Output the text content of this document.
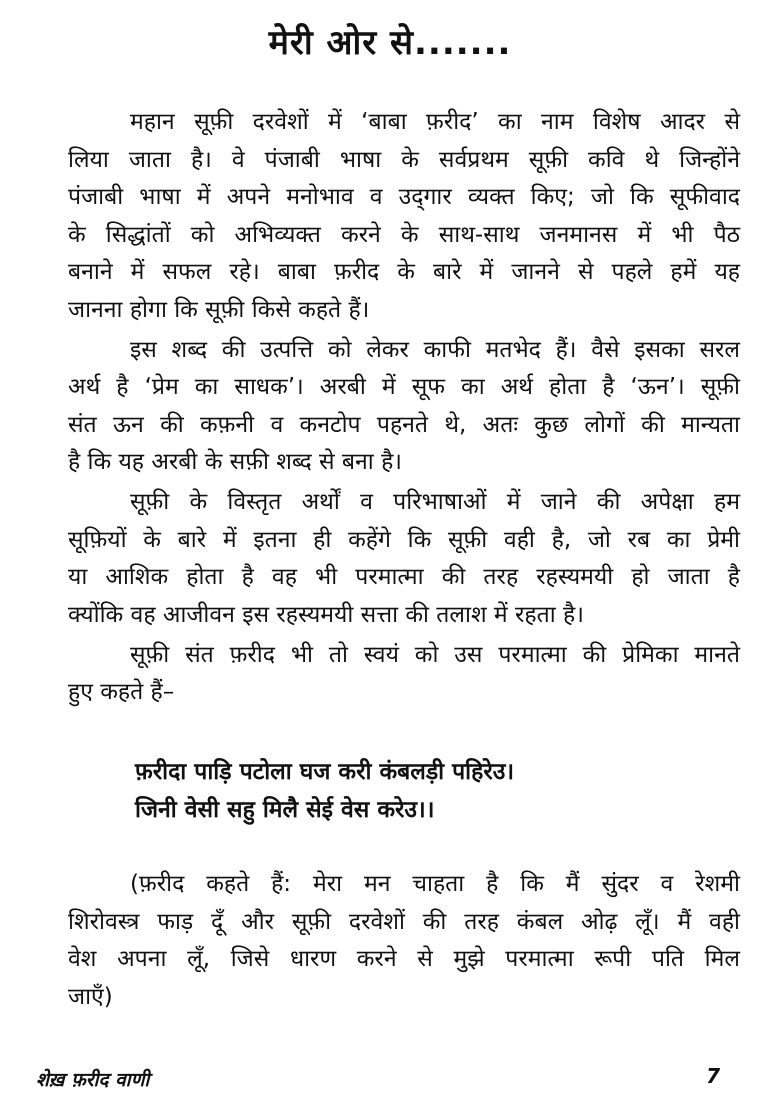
मेरी ओर से.......
महान सूफ़ी दरवेशों में ‘बाबा फ़रीद’ का नाम विशेष आदर से
लिया जाता है। वे पंजाबी भाषा के सर्वप्रथम सूफ़ी कवि थे जिन्होंने
पंजाबी भाषा में अपने मनोभाव व उद्‌गार व्यक्त किए; जो कि सूफीवाद
के सिद्धांतों को अभिव्यक्त करने के साथ-साथ जनमानस में भी पैठ
बनाने में सफल रहे। बाबा फ़रीद के बारे में जानने से पहले हमें यह
जानना होगा कि सूफ़ी किसे कहते हैं।
इस शब्द की उत्पत्ति को लेकर काफी मतभेद हैं। वैसे इसका सरल
अर्थ है ‘प्रेम का साधक’। अरबी में सूफ का अर्थ होता है ‘ऊन’। सूफ़ी
संत ऊन की कफ़नी व कनटोप पहनते थे, अतः कुछ लोगों की मान्यता
है कि यह अरबी के सफ़ी शब्द से बना है।
सूफ़ी के विस्तृत अर्थों व परिभाषाओं में जाने की अपेक्षा हम
सूफ़ियों के बारे में इतना ही कहेंगे कि सूफ़ी वही है, जो रब का प्रेमी
या आशिक होता है वह भी परमात्मा की तरह रहस्यमयी हो जाता है
क्योंकि वह आजीवन इस रहस्यमयी सत्ता की तलाश में रहता है।
सूफ़ी संत फ़रीद भी तो स्वयं को उस परमात्मा की प्रेमिका मानते
हुए कहते हैं–
फ़रीदा पाड़ि पटोला घज करी कंबलड़ी पहिरेउ।
जिनी वेसी सहु मिलै सेई वेस करेउ।।
(फ़रीद कहते हैं: मेरा मन चाहता है कि मैं सुंदर व रेशमी
शिरोवस्त्र फाड़ दूँ और सूफ़ी दरवेशों की तरह कंबल ओढ़ लूँ। मैं वही
वेश अपना लूँ, जिसे धारण करने से मुझे परमात्मा रूपी पति मिल
जाएँ)
शेख़ फ़रीद वाणी	7
